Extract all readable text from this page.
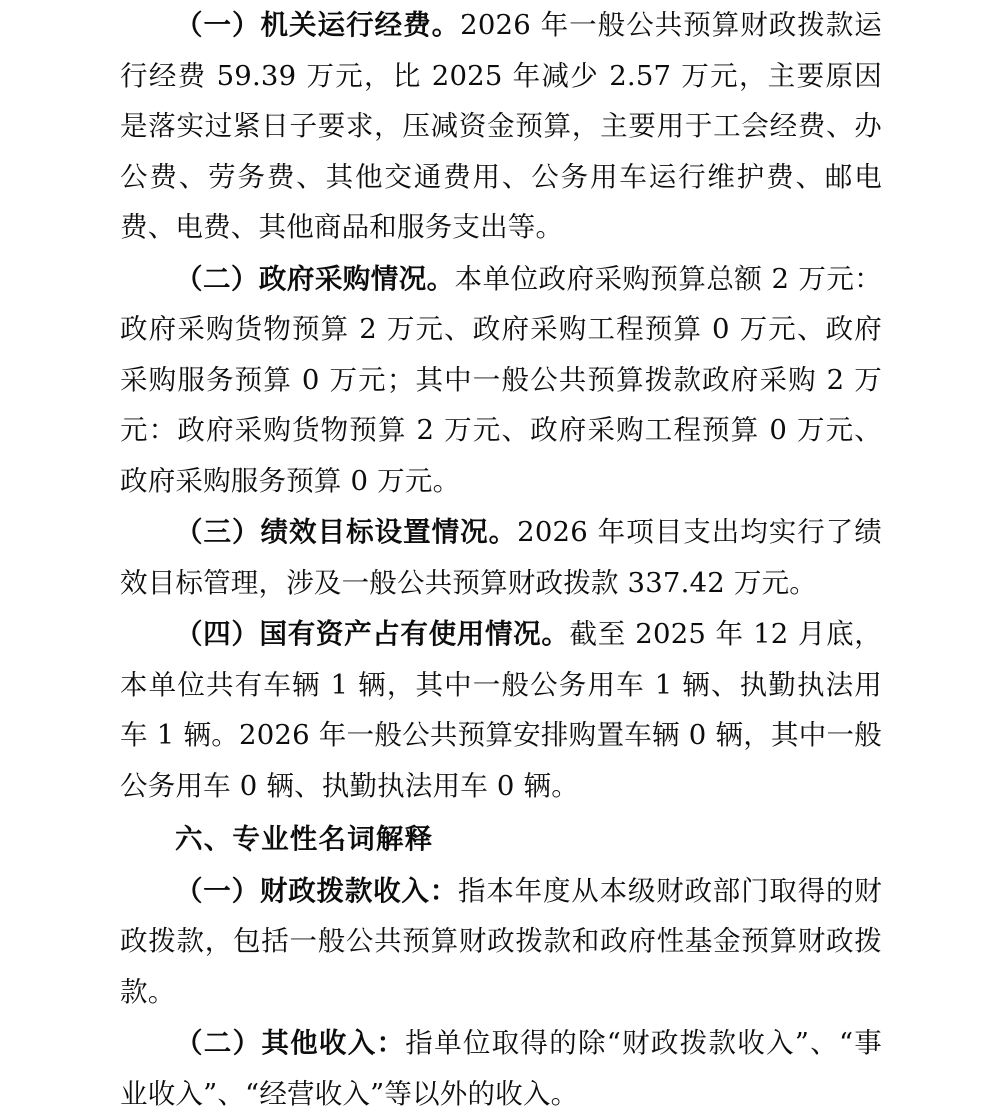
（一）机关运行经费。2026 年一般公共预算财政拨款运行经费 59.39 万元，比 2025 年减少 2.57 万元，主要原因是落实过紧日子要求，压减资金预算，主要用于工会经费、办公费、劳务费、其他交通费用、公务用车运行维护费、邮电费、电费、其他商品和服务支出等。

（二）政府采购情况。本单位政府采购预算总额 2 万元：政府采购货物预算 2 万元、政府采购工程预算 0 万元、政府采购服务预算 0 万元；其中一般公共预算拨款政府采购 2 万元：政府采购货物预算 2 万元、政府采购工程预算 0 万元、政府采购服务预算 0 万元。

（三）绩效目标设置情况。2026 年项目支出均实行了绩效目标管理，涉及一般公共预算财政拨款 337.42 万元。

（四）国有资产占有使用情况。截至 2025 年 12 月底，本单位共有车辆 1 辆，其中一般公务用车 1 辆、执勤执法用车 1 辆。2026 年一般公共预算安排购置车辆 0 辆，其中一般公务用车 0 辆、执勤执法用车 0 辆。

六、专业性名词解释

（一）财政拨款收入：指本年度从本级财政部门取得的财政拨款，包括一般公共预算财政拨款和政府性基金预算财政拨款。

（二）其他收入：指单位取得的除“财政拨款收入”、“事业收入”、“经营收入”等以外的收入。
